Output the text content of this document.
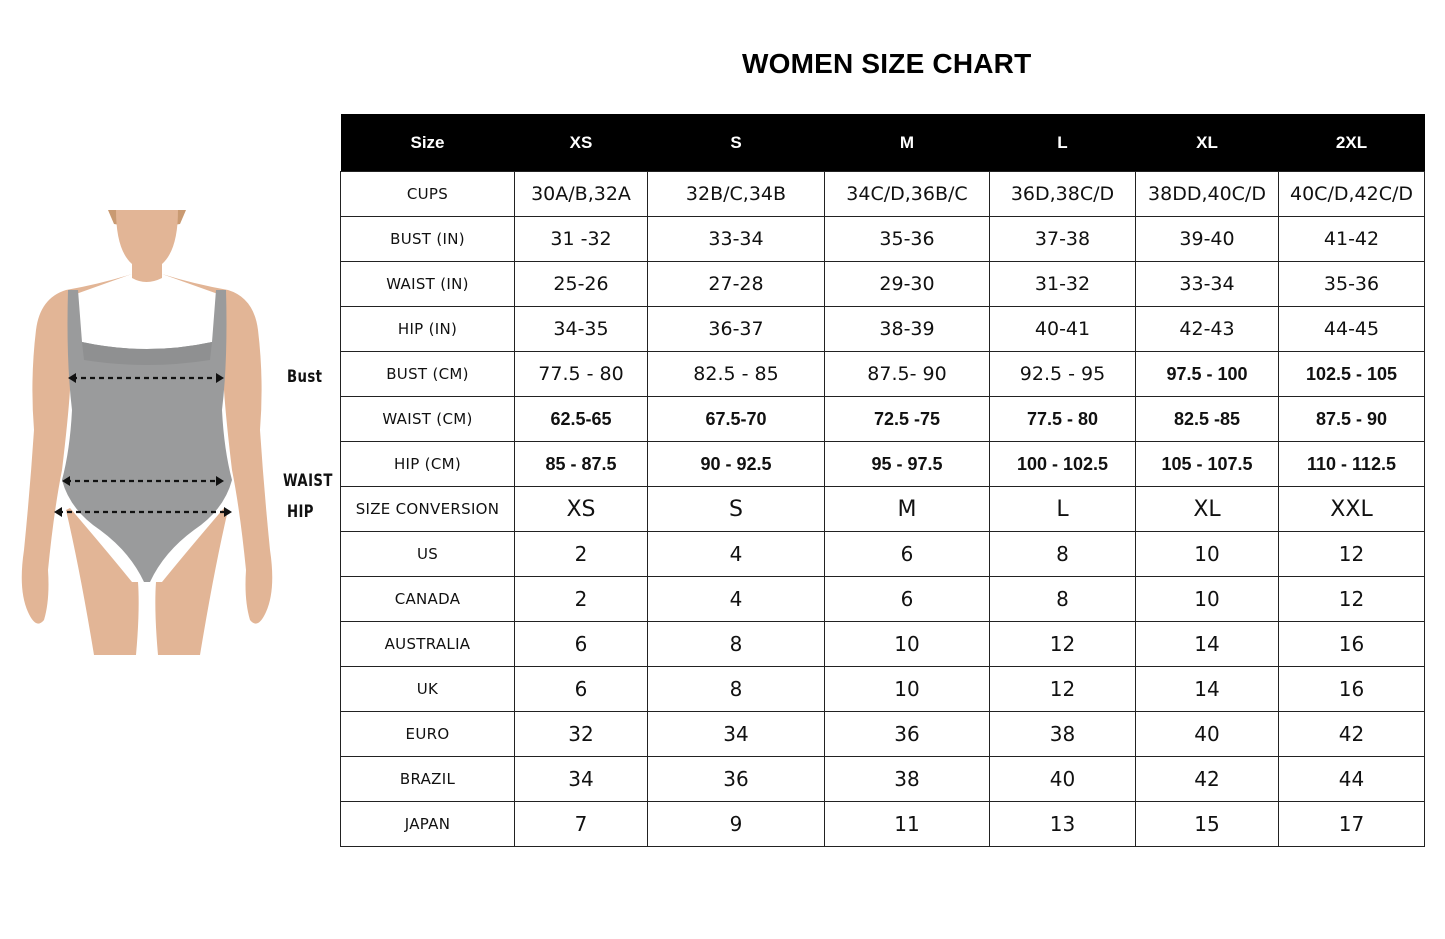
WOMEN SIZE CHART
Bust
WAIST
HIP
Size	XS	S	M	L	XL	2XL
CUPS	30A/B,32A	32B/C,34B	34C/D,36B/C	36D,38C/D	38DD,40C/D	40C/D,42C/D
BUST (IN)	31 -32	33-34	35-36	37-38	39-40	41-42
WAIST (IN)	25-26	27-28	29-30	31-32	33-34	35-36
HIP (IN)	34-35	36-37	38-39	40-41	42-43	44-45
BUST (CM)	77.5 - 80	82.5 - 85	87.5- 90	92.5 - 95	97.5 - 100	102.5 - 105
WAIST (CM)	62.5-65	67.5-70	72.5 -75	77.5 - 80	82.5 -85	87.5 - 90
HIP (CM)	85 - 87.5	90 - 92.5	95 - 97.5	100 - 102.5	105 - 107.5	110 - 112.5
SIZE CONVERSION	XS	S	M	L	XL	XXL
US	2	4	6	8	10	12
CANADA	2	4	6	8	10	12
AUSTRALIA	6	8	10	12	14	16
UK	6	8	10	12	14	16
EURO	32	34	36	38	40	42
BRAZIL	34	36	38	40	42	44
JAPAN	7	9	11	13	15	17
